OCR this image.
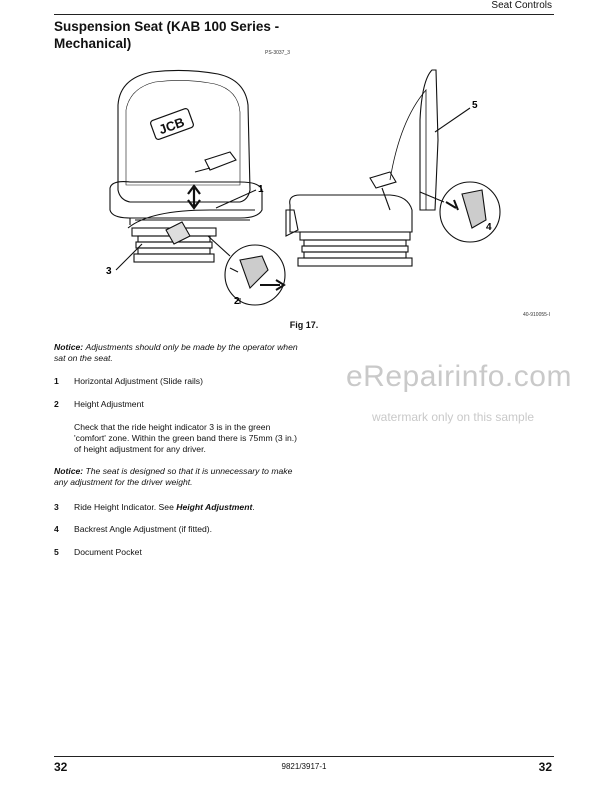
Seat Controls
Suspension Seat (KAB 100 Series - Mechanical)
PS-3037_3
JCB
1
2
3
4
5
40-910055-I
Fig 17.
Notice: Adjustments should only be made by the operator when sat on the seat.
1 Horizontal Adjustment (Slide rails)
2 Height Adjustment
Check that the ride height indicator 3 is in the green 'comfort' zone. Within the green band there is 75mm (3 in.) of height adjustment for any driver.
Notice: The seat is designed so that it is unnecessary to make any adjustment for the driver weight.
3 Ride Height Indicator. See Height Adjustment.
4 Backrest Angle Adjustment (if fitted).
5 Document Pocket
eRepairinfo.com
watermark only on this sample
32	9821/3917-1	32
